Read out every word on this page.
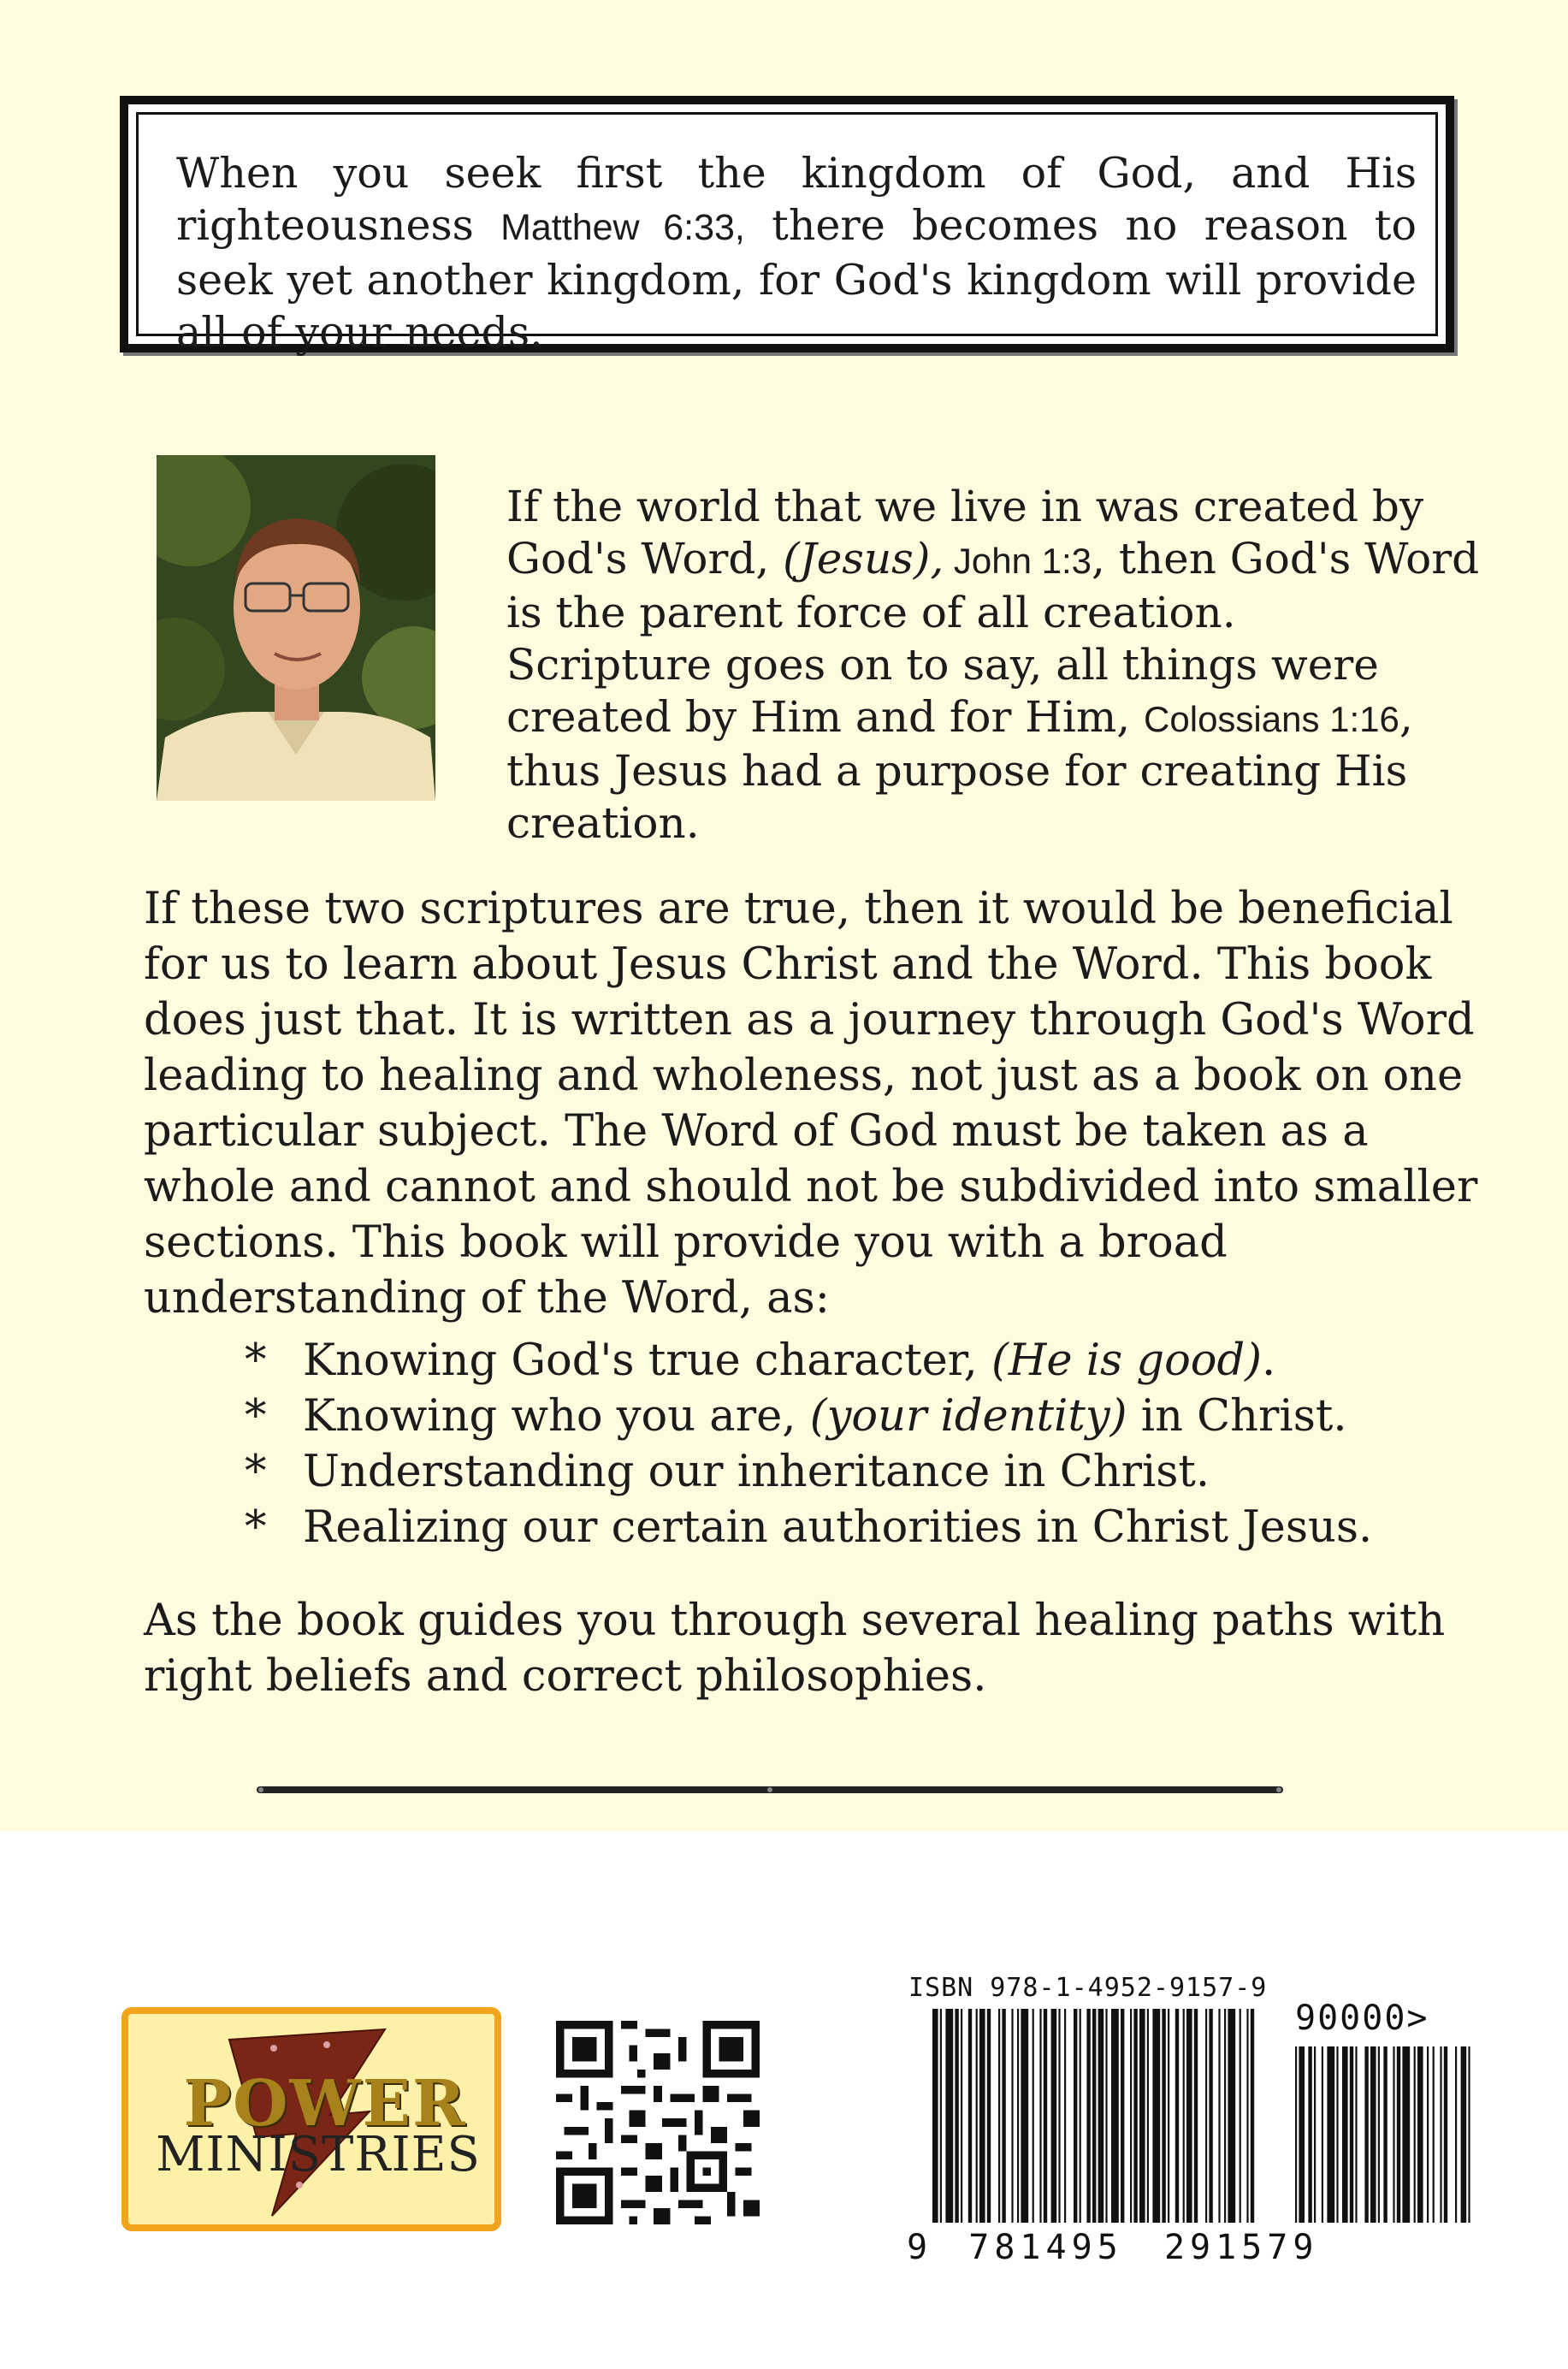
When you seek first the kingdom of God, and His righteousness Matthew 6:33, there becomes no reason to seek yet another kingdom, for God's kingdom will provide all of your needs.
If the world that we live in was created by God's Word, (Jesus), John 1:3, then God's Word is the parent force of all creation.
Scripture goes on to say, all things were created by Him and for Him, Colossians 1:16, thus Jesus had a purpose for creating His creation.
If these two scriptures are true, then it would be beneficial for us to learn about Jesus Christ and the Word. This book does just that. It is written as a journey through God's Word leading to healing and wholeness, not just as a book on one particular subject. The Word of God must be taken as a whole and cannot and should not be subdivided into smaller sections. This book will provide you with a broad understanding of the Word, as:
* Knowing God's true character, (He is good).
* Knowing who you are, (your identity) in Christ.
* Understanding our inheritance in Christ.
* Realizing our certain authorities in Christ Jesus.
As the book guides you through several healing paths with right beliefs and correct philosophies.
POWER
MINISTRIES
ISBN 978-1-4952-9157-9
90000>
9 781495 291579
